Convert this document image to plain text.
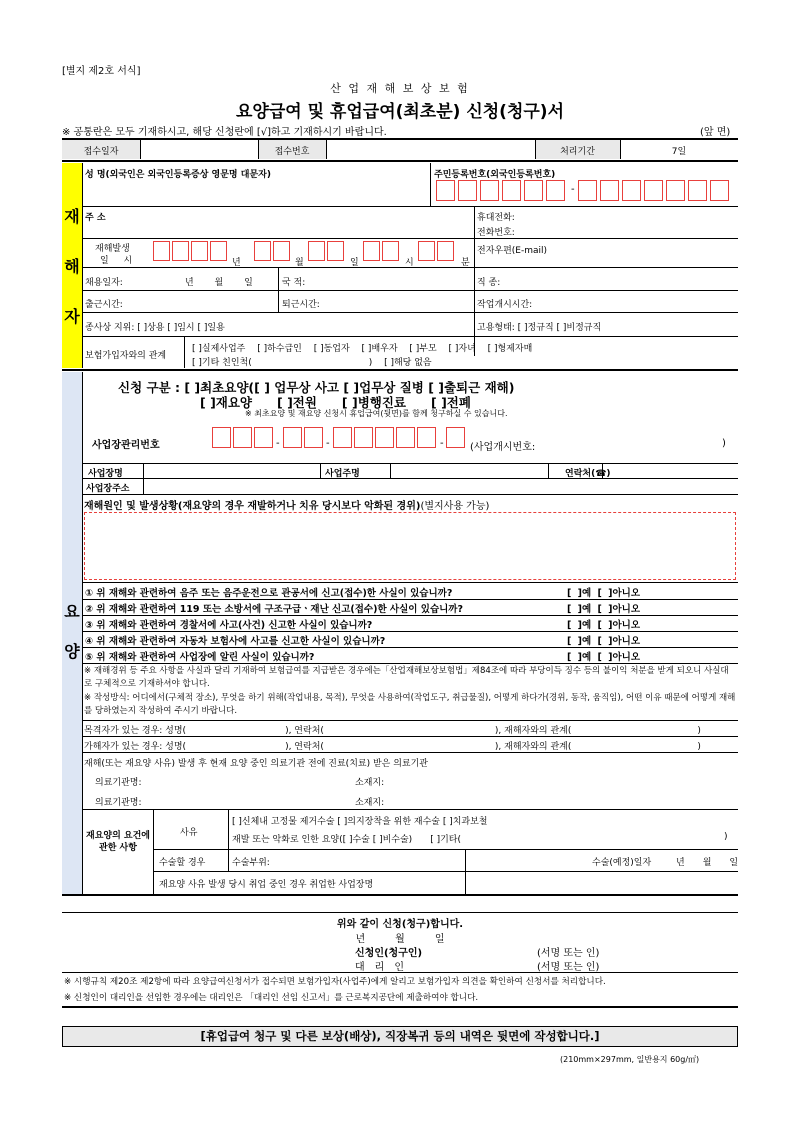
[별지 제2호 서식]
산 업 재 해 보 상 보 험
요양급여 및 휴업급여(최초분) 신청(청구)서
※ 공통란은 모두 기재하시고, 해당 신청란에 [√]하고 기재하시기 바랍니다.	(앞 면)
접수일자	접수번호	처리기간	7일
재
해
자
성 명(외국인은 외국인등록증상 영문명 대문자)	주민등록번호(외국인등록번호)
-
주 소	휴대전화:
전화번호:
재해발생
일 시	년	월	일	시	분
전자우편(E-mail)
채용일자:	년 월 일	국 적:	직 종:
출근시간:	퇴근시간:	작업개시시간:
종사상 지위: [ ]상용 [ ]임시 [ ]일용	고용형태: [ ]정규직 [ ]비정규직
보험가입자와의 관계
[ ]실제사업주　 [ ]하수급인　 [ ]동업자　 [ ]배우자　 [ ]부모　 [ ]자녀　 [ ]형제자매
[ ]기타 친인척(　　　　　　　　　　　　　)　 [ ]해당 없음
요
양
신청 구분 : [ ]최초요양([ ] 업무상 사고 [ ]업무상 질병 [ ]출퇴근 재해)
[ ]재요양　　[ ]전원　　[ ]병행진료　　[ ]전폐
※ 최초요양 및 재요양 신청시 휴업급여(뒷면)를 함께 청구하실 수 있습니다.
사업장관리번호	-	-	-	(사업개시번호:	)
사업장명	사업주명	연락처(☎)
사업장주소
재해원인 및 발생상황(재요양의 경우 재발하거나 치유 당시보다 악화된 경위)(별지사용 가능)
① 위 재해와 관련하여 음주 또는 음주운전으로 관공서에 신고(접수)한 사실이 있습니까?	[ ]예 [ ]아니오
② 위 재해와 관련하여 119 또는 소방서에 구조구급ㆍ재난 신고(접수)한 사실이 있습니까?	[ ]예 [ ]아니오
③ 위 재해와 관련하여 경찰서에 사고(사건) 신고한 사실이 있습니까?	[ ]예 [ ]아니오
④ 위 재해와 관련하여 자동차 보험사에 사고를 신고한 사실이 있습니까?	[ ]예 [ ]아니오
⑤ 위 재해와 관련하여 사업장에 알린 사실이 있습니까?	[ ]예 [ ]아니오
※ 재해경위 등 주요 사항을 사실과 달리 기재하여 보험급여를 지급받은 경우에는「산업재해보상보험법」제84조에 따라 부당이득 징수 등의 불이익 처분을 받게 되오니 사실대로 구체적으로 기재하셔야 합니다.
※ 작성방식: 어디에서(구체적 장소), 무엇을 하기 위해(작업내용, 목적), 무엇을 사용하여(작업도구, 취급물질), 어떻게 하다가(경위, 동작, 움직임), 어떤 이유 때문에 어떻게 재해를 당하였는지 작성하여 주시기 바랍니다.
목격자가 있는 경우: 성명(　　　　　　　　　　　), 연락처(　　　　　　　　　　　　　　　　　　　), 재해자와의 관계(　　　　　　　　　　　　　　)
가해자가 있는 경우: 성명(　　　　　　　　　　　), 연락처(　　　　　　　　　　　　　　　　　　　), 재해자와의 관계(　　　　　　　　　　　　　　)
재해(또는 재요양 사유) 발생 후 현재 요양 중인 의료기관 전에 진료(치료) 받은 의료기관
의료기관명:	소재지:
의료기관명:	소재지:
재요양의 요건에 관한 사항
사유
[ ]신체내 고정물 제거수술 [ ]의지장착을 위한 재수술 [ ]치과보철
재발 또는 악화로 인한 요양([ ]수술 [ ]비수술)　　[ ]기타(	)
수술할 경우	수술부위:	수술(예정)일자	년　　월　　일
재요양 사유 발생 당시 취업 중인 경우 취업한 사업장명
위와 같이 신청(청구)합니다.
년　　　월　　　일
신청인(청구인)	(서명 또는 인)
대　리　인	(서명 또는 인)
※ 시행규칙 제20조 제2항에 따라 요양급여신청서가 접수되면 보험가입자(사업주)에게 알리고 보험가입자 의견을 확인하여 신청서를 처리합니다.
※ 신청인이 대리인을 선임한 경우에는 대리인은 「대리인 선임 신고서」를 근로복지공단에 제출하여야 합니다.
[휴업급여 청구 및 다른 보상(배상), 직장복귀 등의 내역은 뒷면에 작성합니다.]
(210mm×297mm, 일반용지 60g/㎡)
